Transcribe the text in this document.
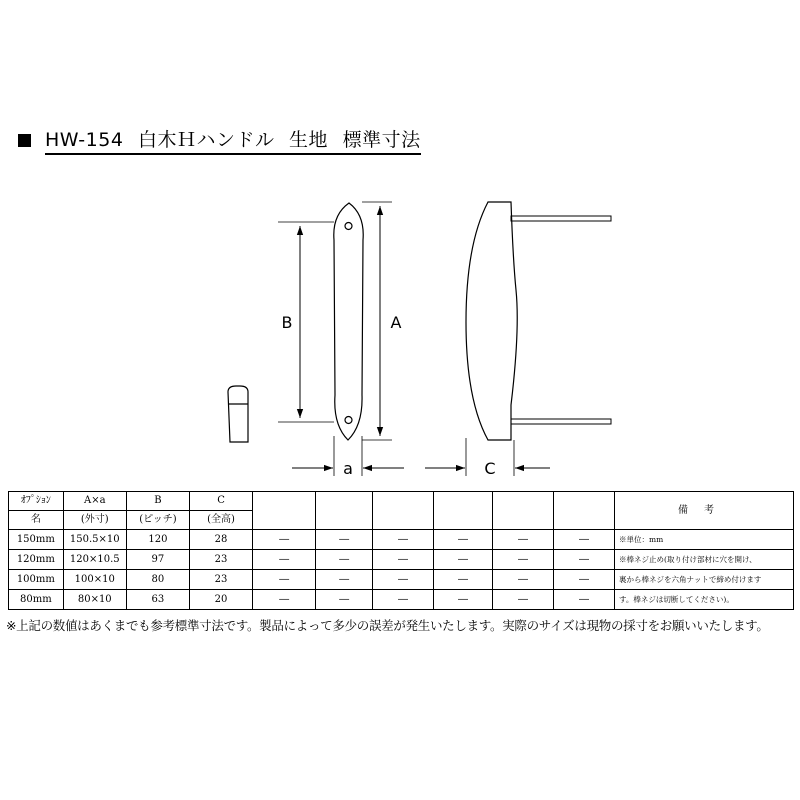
HW-154 白木Ｈハンドル 生地 標準寸法
B	A
a	C
ｵﾌﾟｼｮﾝ	A×a	B	C							備考
名	(外寸)	(ピッチ)	(全高)							
150mm	150.5×10	120	28	―	―	―	―	―	―	※単位：mm
120mm	120×10.5	97	23	―	―	―	―	―	―	※棒ネジ止め(取り付け部材に穴を開け、
100mm	100×10	80	23	―	―	―	―	―	―	裏から棒ネジを六角ナットで締め付けます
80mm	80×10	63	20	―	―	―	―	―	―	す。棒ネジは切断してください)。
※上記の数値はあくまでも参考標準寸法です。製品によって多少の誤差が発生いたします。実際のサイズは現物の採寸をお願いいたします。
